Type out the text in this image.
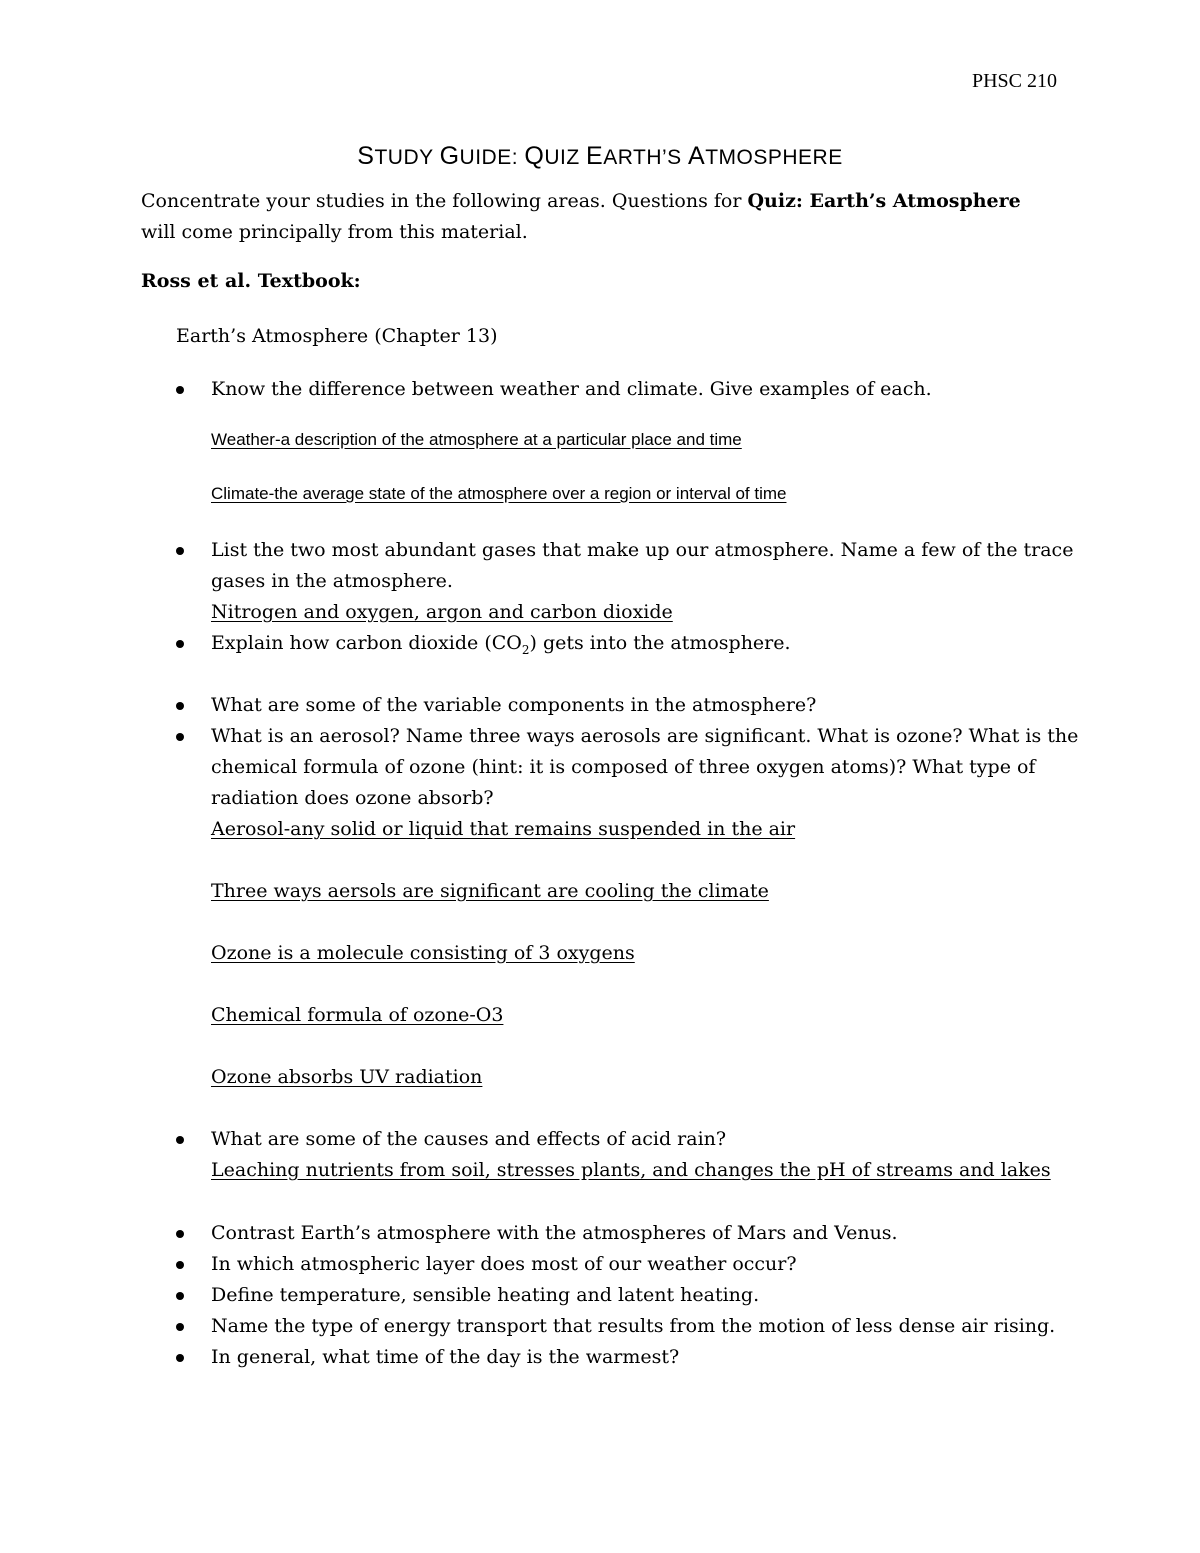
PHSC 210
STUDY GUIDE: QUIZ EARTH’S ATMOSPHERE
Concentrate your studies in the following areas. Questions for Quiz: Earth’s Atmosphere will come principally from this material.
Ross et al. Textbook:
Earth’s Atmosphere (Chapter 13)
Know the difference between weather and climate. Give examples of each.
Weather-a description of the atmosphere at a particular place and time
Climate-the average state of the atmosphere over a region or interval of time
List the two most abundant gases that make up our atmosphere. Name a few of the trace
gases in the atmosphere.
Nitrogen and oxygen, argon and carbon dioxide
Explain how carbon dioxide $(CO_2)$ gets into the atmosphere.
What are some of the variable components in the atmosphere?
What is an aerosol? Name three ways aerosols are significant. What is ozone? What is the
chemical formula of ozone (hint: it is composed of three oxygen atoms)? What type of
radiation does ozone absorb?
Aerosol-any solid or liquid that remains suspended in the air
Three ways aersols are significant are cooling the climate
Ozone is a molecule consisting of 3 oxygens
Chemical formula of ozone-O3
Ozone absorbs UV radiation
What are some of the causes and effects of acid rain?
Leaching nutrients from soil, stresses plants, and changes the pH of streams and lakes
Contrast Earth’s atmosphere with the atmospheres of Mars and Venus.
In which atmospheric layer does most of our weather occur?
Define temperature, sensible heating and latent heating.
Name the type of energy transport that results from the motion of less dense air rising.
In general, what time of the day is the warmest?
